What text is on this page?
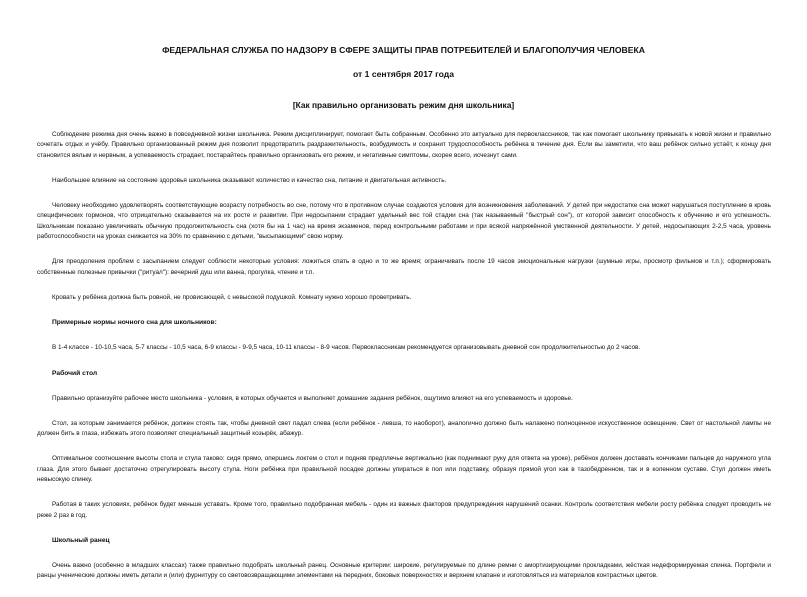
ФЕДЕРАЛЬНАЯ СЛУЖБА ПО НАДЗОРУ В СФЕРЕ ЗАЩИТЫ ПРАВ ПОТРЕБИТЕЛЕЙ И БЛАГОПОЛУЧИЯ ЧЕЛОВЕКА
от 1 сентября 2017 года
[Как правильно организовать режим дня школьника]

Соблюдение режима дня очень важно в повседневной жизни школьника. Режим дисциплинирует, помогает быть собранным. Особенно это актуально для первоклассников, так как помогает школьнику привыкать к новой жизни и правильно сочетать отдых и учёбу. Правильно организованный режим дня позволит предотвратить раздражительность, возбудимость и сохранит трудоспособность ребёнка в течение дня. Если вы заметили, что ваш ребёнок сильно устаёт, к концу дня становится вялым и нервным, а успеваемость страдает, постарайтесь правильно организовать его режим, и негативные симптомы, скорее всего, исчезнут сами.

Наибольшее влияние на состояние здоровья школьника оказывают количество и качество сна, питание и двигательная активность.

Человеку необходимо удовлетворять соответствующие возрасту потребность во сне, потому что в противном случае создаются условия для возникновения заболеваний. У детей при недостатке сна может нарушаться поступление в кровь специфических гормонов, что отрицательно сказывается на их росте и развитии. При недосыпании страдает удельный вес той стадии сна (так называемый "быстрый сон"), от которой зависит способность к обучению и его успешность. Школьникам показано увеличивать обычную продолжительность сна (хотя бы на 1 час) на время экзаменов, перед контрольными работами и при всякой напряжённой умственной деятельности. У детей, недосыпающих 2-2,5 часа, уровень работоспособности на уроках снижается на 30% по сравнению с детьми, "высыпающими" свою норму.

Для преодоления проблем с засыпанием следует соблюсти некоторые условия: ложиться спать в одно и то же время; ограничивать после 19 часов эмоциональные нагрузки (шумные игры, просмотр фильмов и т.п.); сформировать собственные полезные привычки ("ритуал"): вечерний душ или ванна, прогулка, чтение и т.п.

Кровать у ребёнка должна быть ровной, не провисающей, с невысокой подушкой. Комнату нужно хорошо проветривать.

Примерные нормы ночного сна для школьников:

В 1-4 классе - 10-10,5 часа, 5-7 классы - 10,5 часа, 6-9 классы - 9-9,5 часа, 10-11 классы - 8-9 часов. Первоклассникам рекомендуется организовывать дневной сон продолжительностью до 2 часов.

Рабочий стол

Правильно организуйте рабочее место школьника - условия, в которых обучается и выполняет домашние задания ребёнок, ощутимо влияют на его успеваемость и здоровье.

Стол, за которым занимается ребёнок, должен стоять так, чтобы дневной свет падал слева (если ребёнок - левша, то наоборот), аналогично должно быть налажено полноценное искусственное освещение. Свет от настольной лампы не должен бить в глаза, избежать этого позволяет специальный защитный козырёк, абажур.

Оптимальное соотношение высоты стола и стула таково: сидя прямо, опершись локтем о стол и подняв предплечье вертикально (как поднимают руку для ответа на уроке), ребёнок должен доставать кончиками пальцев до наружного угла глаза. Для этого бывает достаточно отрегулировать высоту стула. Ноги ребёнка при правильной посадке должны упираться в пол или подставку, образуя прямой угол как в тазобедренном, так и в коленном суставе. Стул должен иметь невысокую спинку.

Работая в таких условиях, ребёнок будет меньше уставать. Кроме того, правильно подобранная мебель - один из важных факторов предупреждения нарушений осанки. Контроль соответствия мебели росту ребёнка следует проводить не реже 2 раз в год.

Школьный ранец

Очень важно (особенно в младших классах) также правильно подобрать школьный ранец. Основные критерии: широкие, регулируемые по длине ремни с амортизирующими прокладками, жёсткая недеформируемая спинка. Портфели и ранцы ученические должны иметь детали и (или) фурнитуру со световозвращающими элементами на передних, боковых поверхностях и верхнем клапане и изготовляться из материалов контрастных цветов.
